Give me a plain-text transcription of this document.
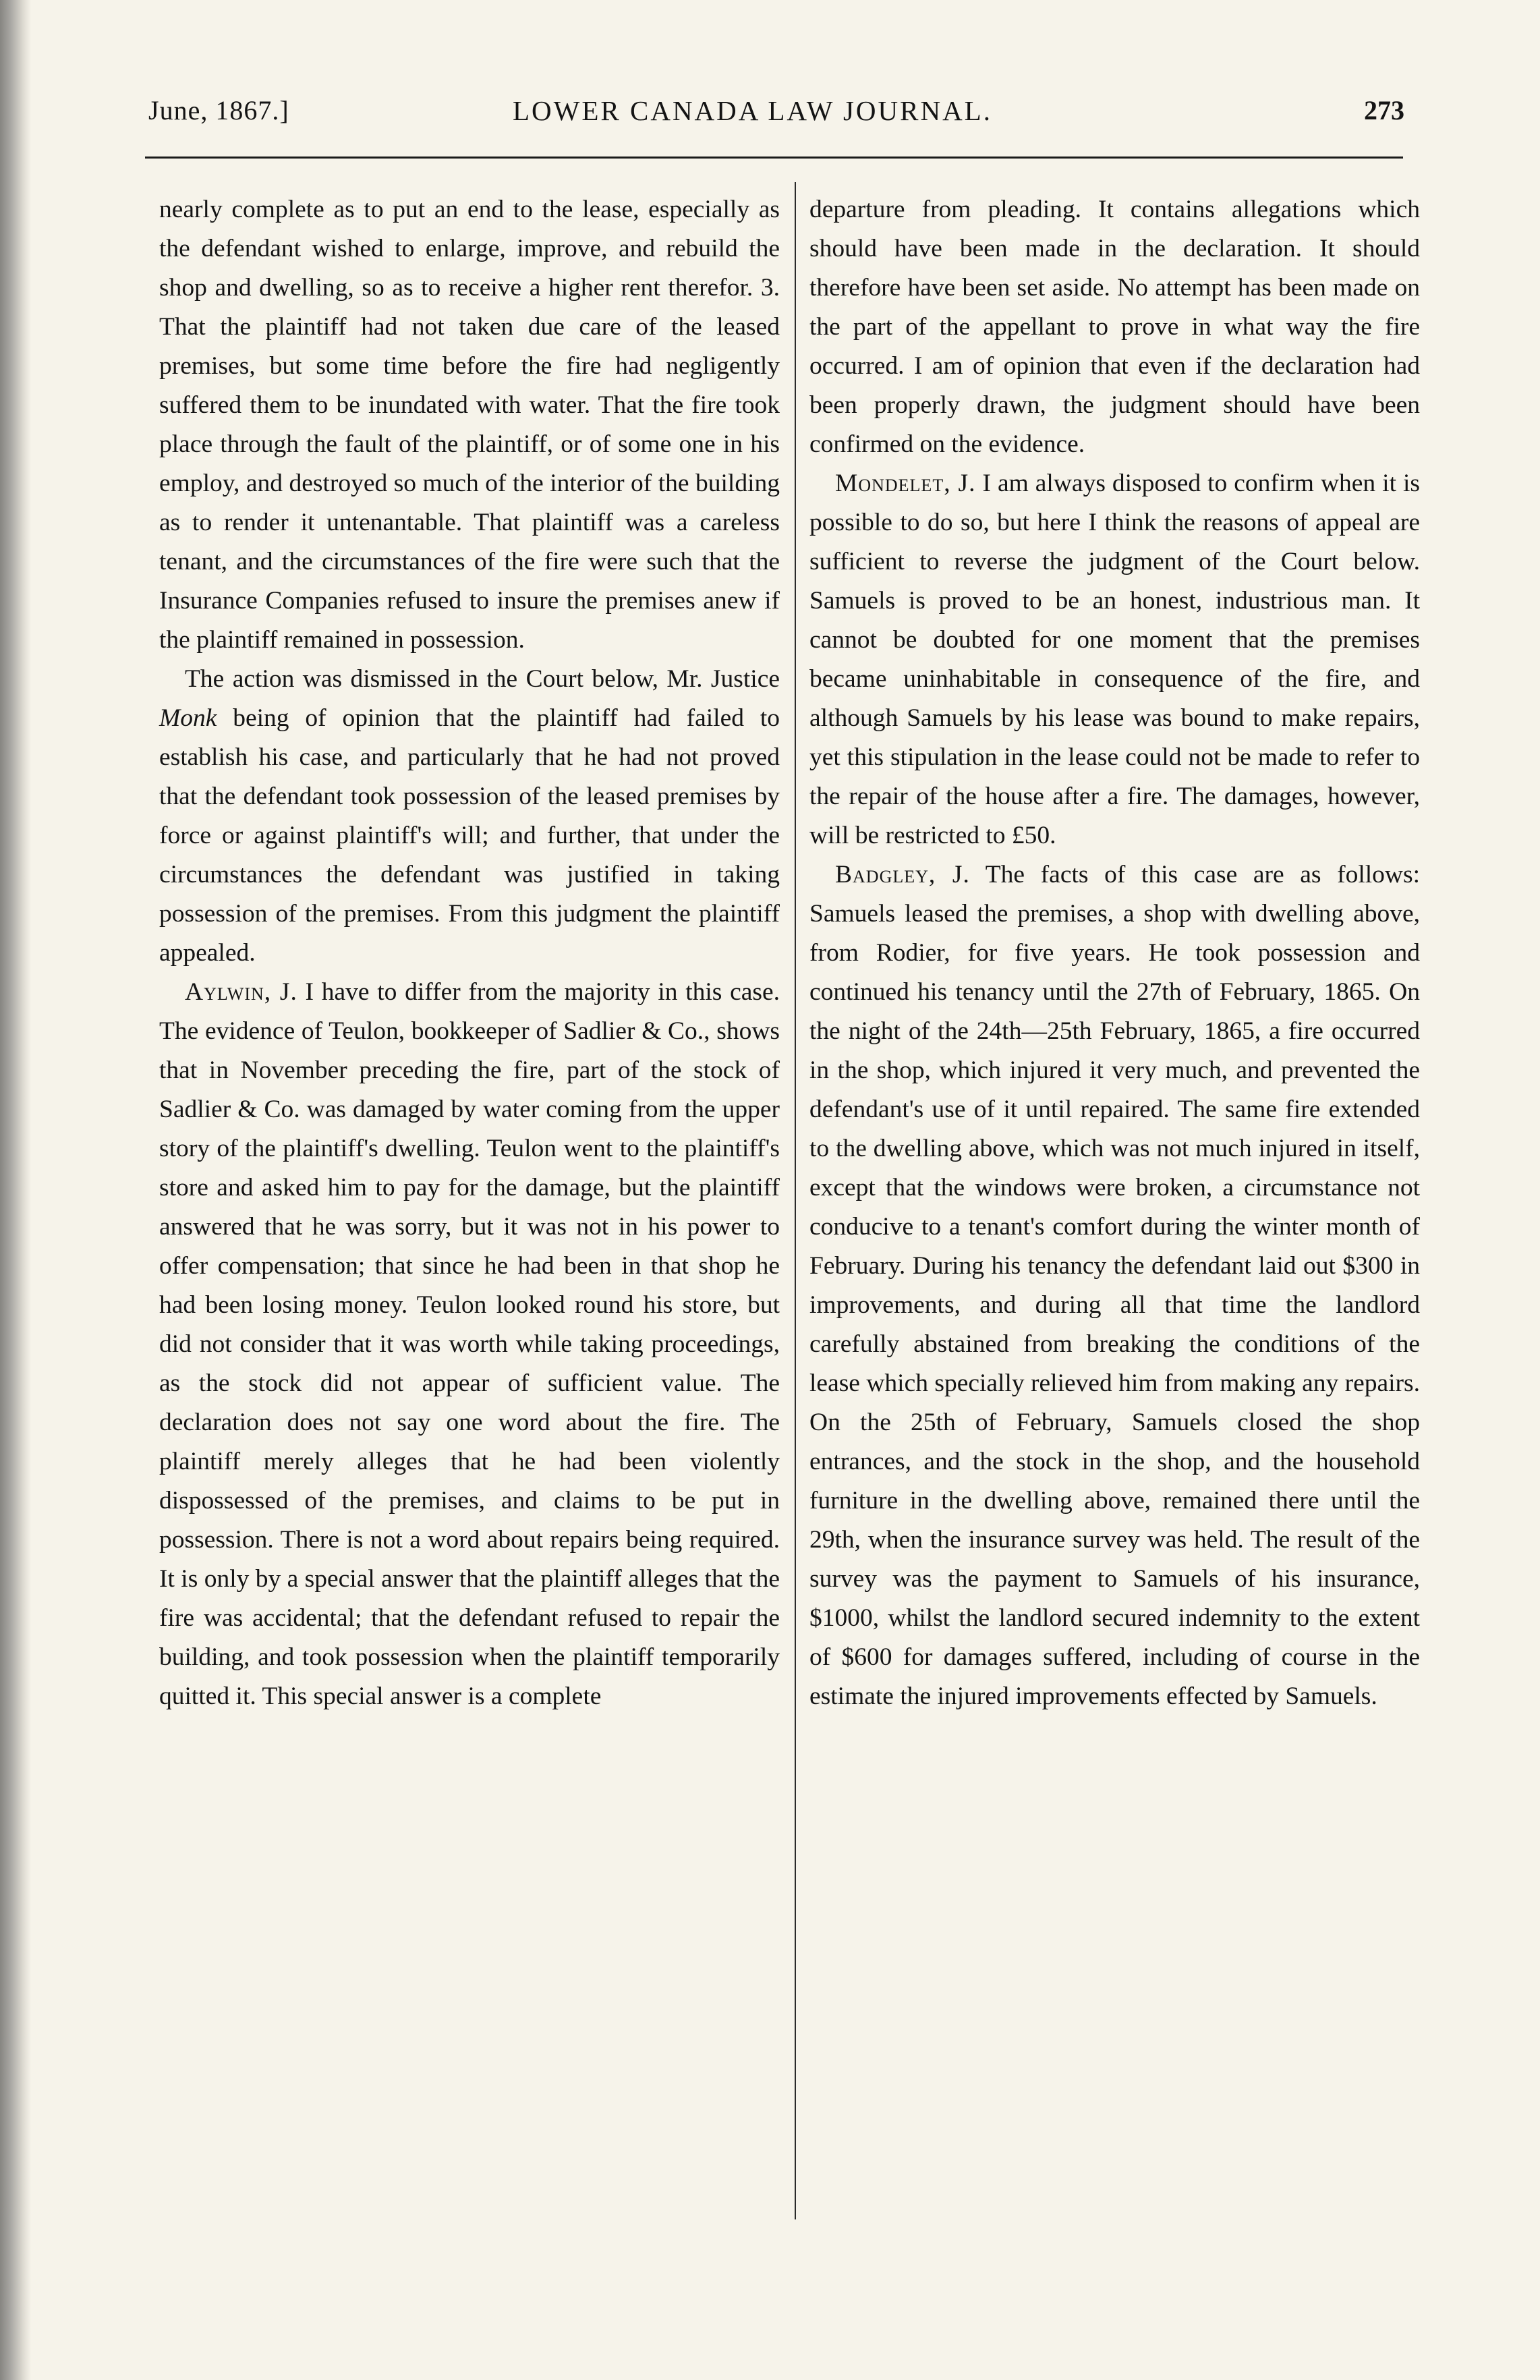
June, 1867.]	LOWER CANADA LAW JOURNAL.	273

nearly complete as to put an end to the lease, especially as the defendant wished to enlarge, improve, and rebuild the shop and dwelling, so as to receive a higher rent therefor. 3. That the plaintiff had not taken due care of the leased premises, but some time before the fire had negligently suffered them to be inundated with water. That the fire took place through the fault of the plaintiff, or of some one in his employ, and destroyed so much of the interior of the building as to render it untenantable. That plaintiff was a careless tenant, and the circumstances of the fire were such that the Insurance Companies refused to insure the premises anew if the plaintiff remained in possession.

The action was dismissed in the Court below, Mr. Justice Monk being of opinion that the plaintiff had failed to establish his case, and particularly that he had not proved that the defendant took possession of the leased premises by force or against plaintiff's will; and further, that under the circumstances the defendant was justified in taking possession of the premises. From this judgment the plaintiff appealed.

Aylwin, J. I have to differ from the majority in this case. The evidence of Teulon, bookkeeper of Sadlier & Co., shows that in November preceding the fire, part of the stock of Sadlier & Co. was damaged by water coming from the upper story of the plaintiff's dwelling. Teulon went to the plaintiff's store and asked him to pay for the damage, but the plaintiff answered that he was sorry, but it was not in his power to offer compensation; that since he had been in that shop he had been losing money. Teulon looked round his store, but did not consider that it was worth while taking proceedings, as the stock did not appear of sufficient value. The declaration does not say one word about the fire. The plaintiff merely alleges that he had been violently dispossessed of the premises, and claims to be put in possession. There is not a word about repairs being required. It is only by a special answer that the plaintiff alleges that the fire was accidental; that the defendant refused to repair the building, and took possession when the plaintiff temporarily quitted it. This special answer is a complete

departure from pleading. It contains allegations which should have been made in the declaration. It should therefore have been set aside. No attempt has been made on the part of the appellant to prove in what way the fire occurred. I am of opinion that even if the declaration had been properly drawn, the judgment should have been confirmed on the evidence.

Mondelet, J. I am always disposed to confirm when it is possible to do so, but here I think the reasons of appeal are sufficient to reverse the judgment of the Court below. Samuels is proved to be an honest, industrious man. It cannot be doubted for one moment that the premises became uninhabitable in consequence of the fire, and although Samuels by his lease was bound to make repairs, yet this stipulation in the lease could not be made to refer to the repair of the house after a fire. The damages, however, will be restricted to £50.

Badgley, J. The facts of this case are as follows: Samuels leased the premises, a shop with dwelling above, from Rodier, for five years. He took possession and continued his tenancy until the 27th of February, 1865. On the night of the 24th—25th February, 1865, a fire occurred in the shop, which injured it very much, and prevented the defendant's use of it until repaired. The same fire extended to the dwelling above, which was not much injured in itself, except that the windows were broken, a circumstance not conducive to a tenant's comfort during the winter month of February. During his tenancy the defendant laid out $300 in improvements, and during all that time the landlord carefully abstained from breaking the conditions of the lease which specially relieved him from making any repairs. On the 25th of February, Samuels closed the shop entrances, and the stock in the shop, and the household furniture in the dwelling above, remained there until the 29th, when the insurance survey was held. The result of the survey was the payment to Samuels of his insurance, $1000, whilst the landlord secured indemnity to the extent of $600 for damages suffered, including of course in the estimate the injured improvements effected by Samuels.
